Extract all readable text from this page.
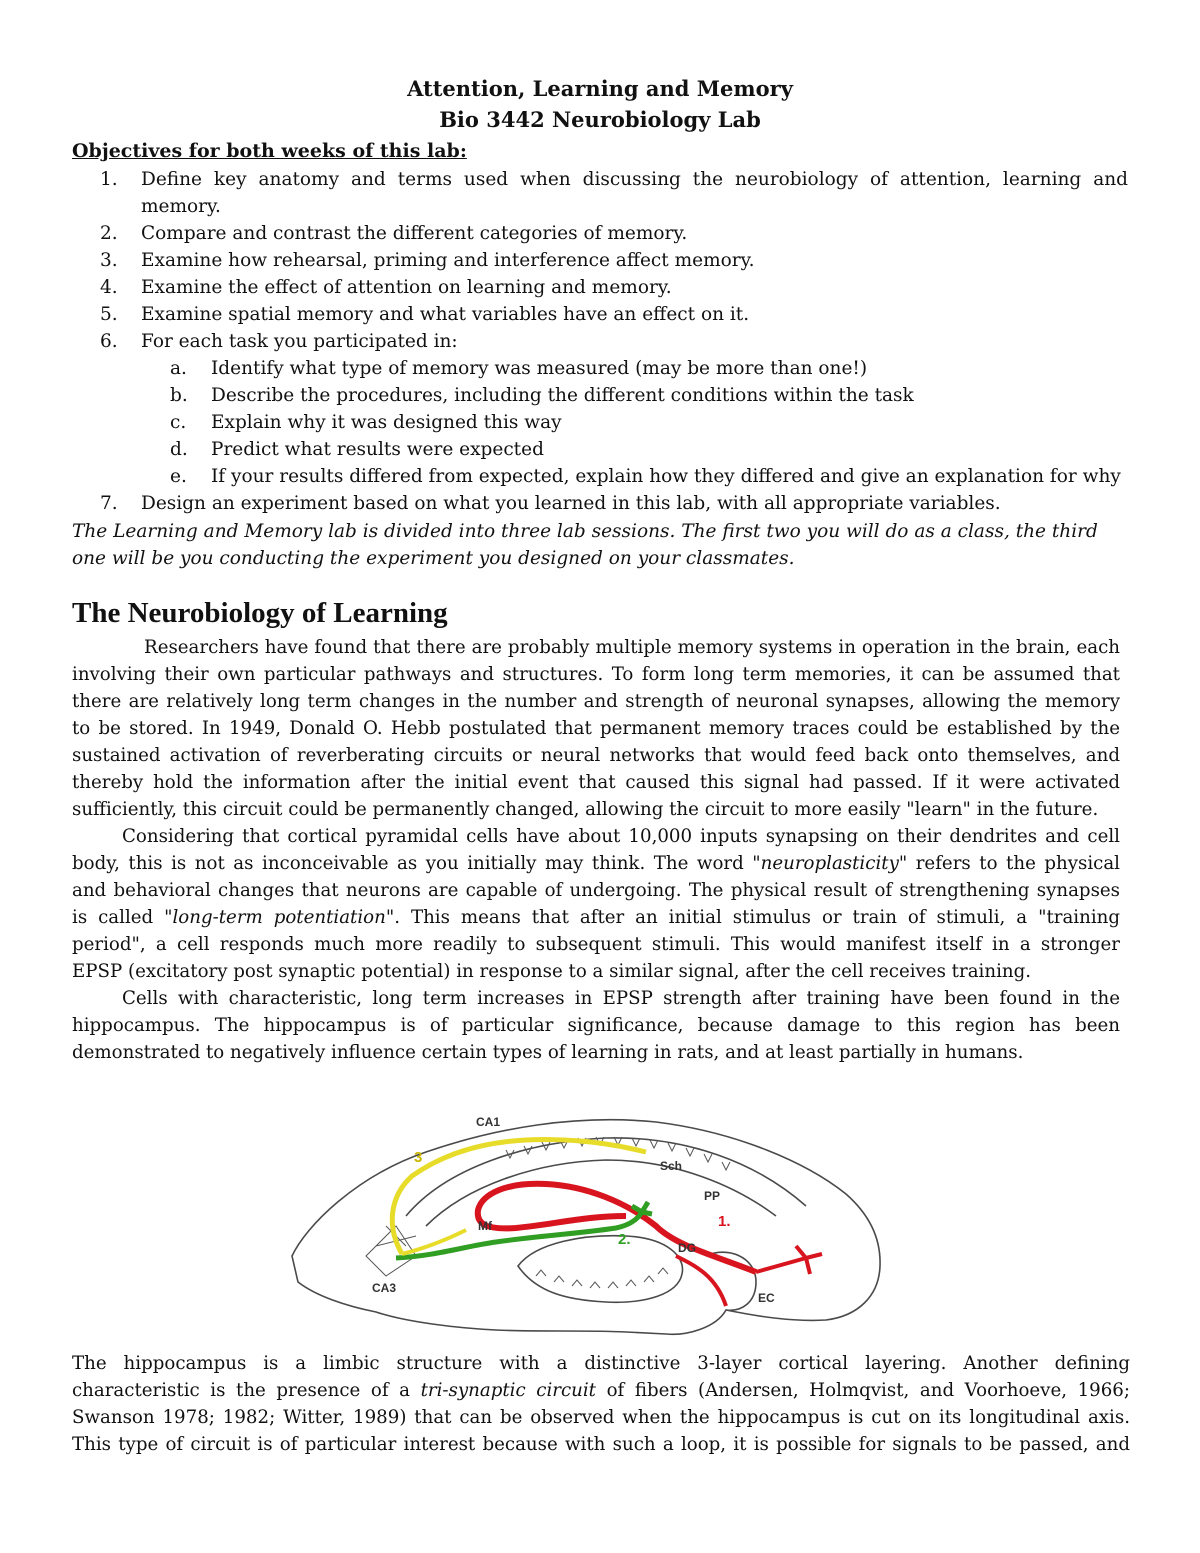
Attention, Learning and Memory
Bio 3442 Neurobiology Lab
Objectives for both weeks of this lab:
1. Define key anatomy and terms used when discussing the neurobiology of attention, learning and memory.
2. Compare and contrast the different categories of memory.
3. Examine how rehearsal, priming and interference affect memory.
4. Examine the effect of attention on learning and memory.
5. Examine spatial memory and what variables have an effect on it.
6. For each task you participated in:
a. Identify what type of memory was measured (may be more than one!)
b. Describe the procedures, including the different conditions within the task
c. Explain why it was designed this way
d. Predict what results were expected
e. If your results differed from expected, explain how they differed and give an explanation for why
7. Design an experiment based on what you learned in this lab, with all appropriate variables.
The Learning and Memory lab is divided into three lab sessions. The first two you will do as a class, the third
one will be you conducting the experiment you designed on your classmates.
The Neurobiology of Learning
Researchers have found that there are probably multiple memory systems in operation in the brain, each
involving their own particular pathways and structures. To form long term memories, it can be assumed that
there are relatively long term changes in the number and strength of neuronal synapses, allowing the memory
to be stored. In 1949, Donald O. Hebb postulated that permanent memory traces could be established by the
sustained activation of reverberating circuits or neural networks that would feed back onto themselves, and
thereby hold the information after the initial event that caused this signal had passed. If it were activated
sufficiently, this circuit could be permanently changed, allowing the circuit to more easily "learn" in the future.
Considering that cortical pyramidal cells have about 10,000 inputs synapsing on their dendrites and cell
body, this is not as inconceivable as you initially may think. The word "neuroplasticity" refers to the physical
and behavioral changes that neurons are capable of undergoing. The physical result of strengthening synapses
is called "long-term potentiation". This means that after an initial stimulus or train of stimuli, a "training
period", a cell responds much more readily to subsequent stimuli. This would manifest itself in a stronger
EPSP (excitatory post synaptic potential) in response to a similar signal, after the cell receives training.
Cells with characteristic, long term increases in EPSP strength after training have been found in the
hippocampus. The hippocampus is of particular significance, because damage to this region has been
demonstrated to negatively influence certain types of learning in rats, and at least partially in humans.
CA1
CA3
Sch
PP
Mf
DG
EC
1.
2.
3
The hippocampus is a limbic structure with a distinctive 3-layer cortical layering. Another defining
characteristic is the presence of a tri-synaptic circuit of fibers (Andersen, Holmqvist, and Voorhoeve, 1966;
Swanson 1978; 1982; Witter, 1989) that can be observed when the hippocampus is cut on its longitudinal axis.
This type of circuit is of particular interest because with such a loop, it is possible for signals to be passed, and
